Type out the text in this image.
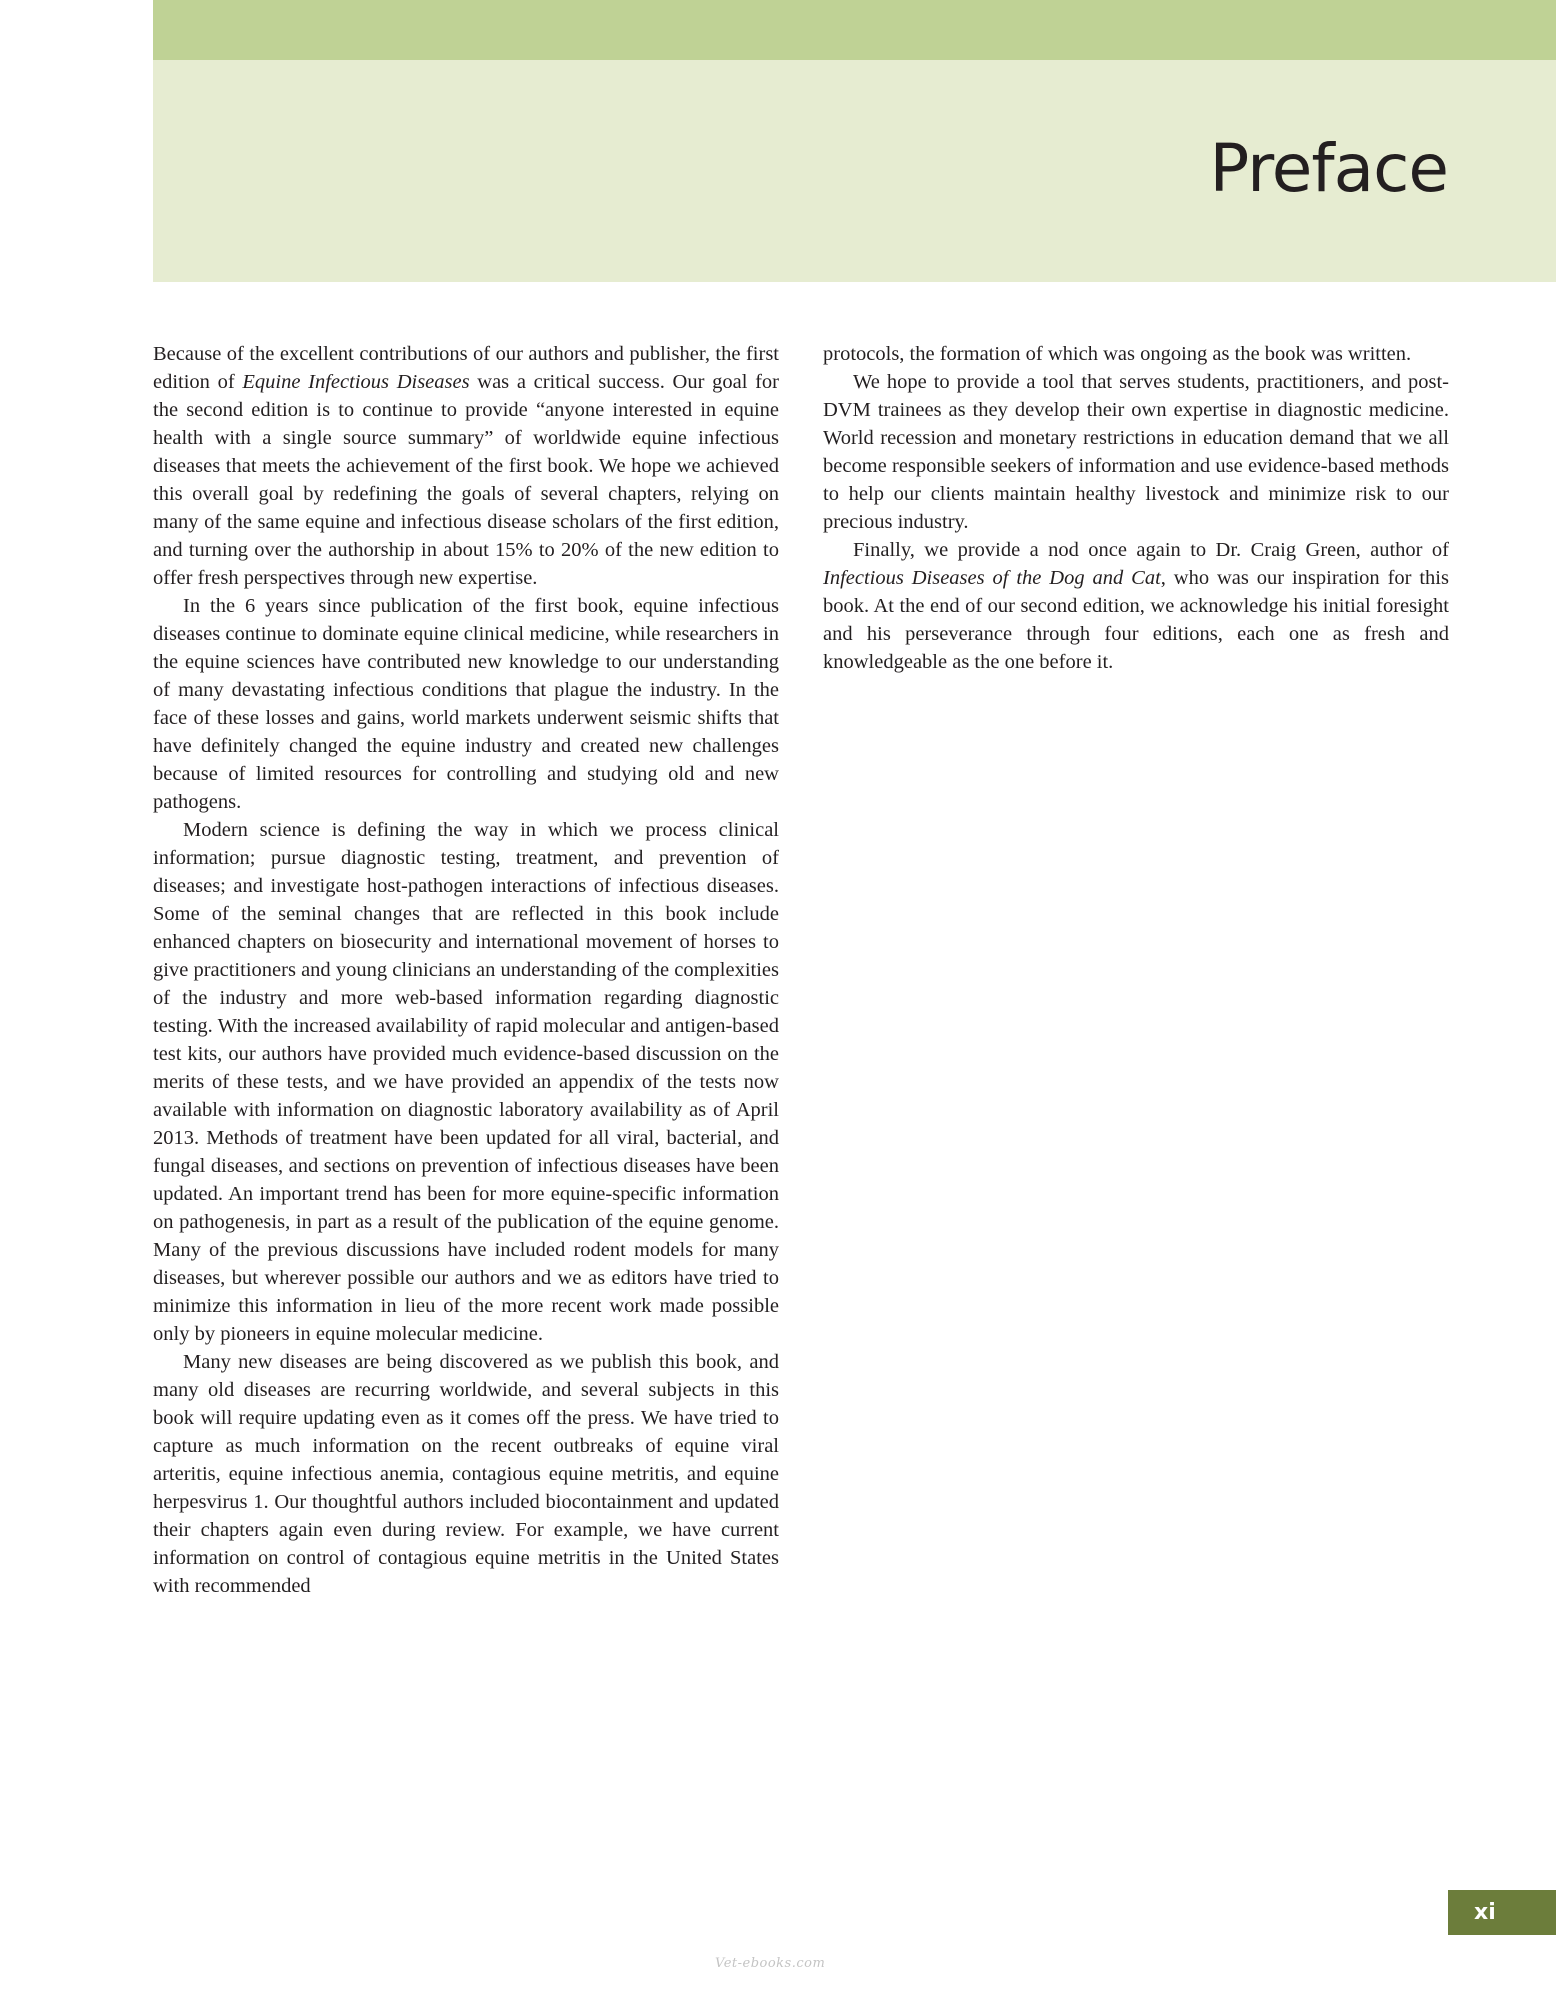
Preface

Because of the excellent contributions of our authors and publisher, the first edition of Equine Infectious Diseases was a critical success. Our goal for the second edition is to continue to provide “anyone interested in equine health with a single source summary” of worldwide equine infectious diseases that meets the achievement of the first book. We hope we achieved this overall goal by redefining the goals of several chapters, relying on many of the same equine and infectious disease scholars of the first edition, and turning over the authorship in about 15% to 20% of the new edition to offer fresh perspectives through new expertise.

In the 6 years since publication of the first book, equine infectious diseases continue to dominate equine clinical medicine, while researchers in the equine sciences have contributed new knowledge to our understanding of many devastating infectious conditions that plague the industry. In the face of these losses and gains, world markets underwent seismic shifts that have definitely changed the equine industry and created new challenges because of limited resources for controlling and studying old and new pathogens.

Modern science is defining the way in which we process clinical information; pursue diagnostic testing, treatment, and prevention of diseases; and investigate host-pathogen interactions of infectious diseases. Some of the seminal changes that are reflected in this book include enhanced chapters on biosecurity and international movement of horses to give practitioners and young clinicians an understanding of the complexities of the industry and more web-based information regarding diagnostic testing. With the increased availability of rapid molecular and antigen-based test kits, our authors have provided much evidence-based discussion on the merits of these tests, and we have provided an appendix of the tests now available with information on diagnostic laboratory availability as of April 2013. Methods of treatment have been updated for all viral, bacterial, and fungal diseases, and sections on prevention of infectious diseases have been updated. An important trend has been for more equine-specific information on pathogenesis, in part as a result of the publication of the equine genome. Many of the previous discussions have included rodent models for many diseases, but wherever possible our authors and we as editors have tried to minimize this information in lieu of the more recent work made possible only by pioneers in equine molecular medicine.

Many new diseases are being discovered as we publish this book, and many old diseases are recurring worldwide, and several subjects in this book will require updating even as it comes off the press. We have tried to capture as much information on the recent outbreaks of equine viral arteritis, equine infectious anemia, contagious equine metritis, and equine herpesvirus 1. Our thoughtful authors included biocontainment and updated their chapters again even during review. For example, we have current information on control of contagious equine metritis in the United States with recommended

protocols, the formation of which was ongoing as the book was written.

We hope to provide a tool that serves students, practitioners, and post-DVM trainees as they develop their own expertise in diagnostic medicine. World recession and monetary restrictions in education demand that we all become responsible seekers of information and use evidence-based methods to help our clients maintain healthy livestock and minimize risk to our precious industry.

Finally, we provide a nod once again to Dr. Craig Green, author of Infectious Diseases of the Dog and Cat, who was our inspiration for this book. At the end of our second edition, we acknowledge his initial foresight and his perseverance through four editions, each one as fresh and knowledgeable as the one before it.

xi
Vet-ebooks.com
